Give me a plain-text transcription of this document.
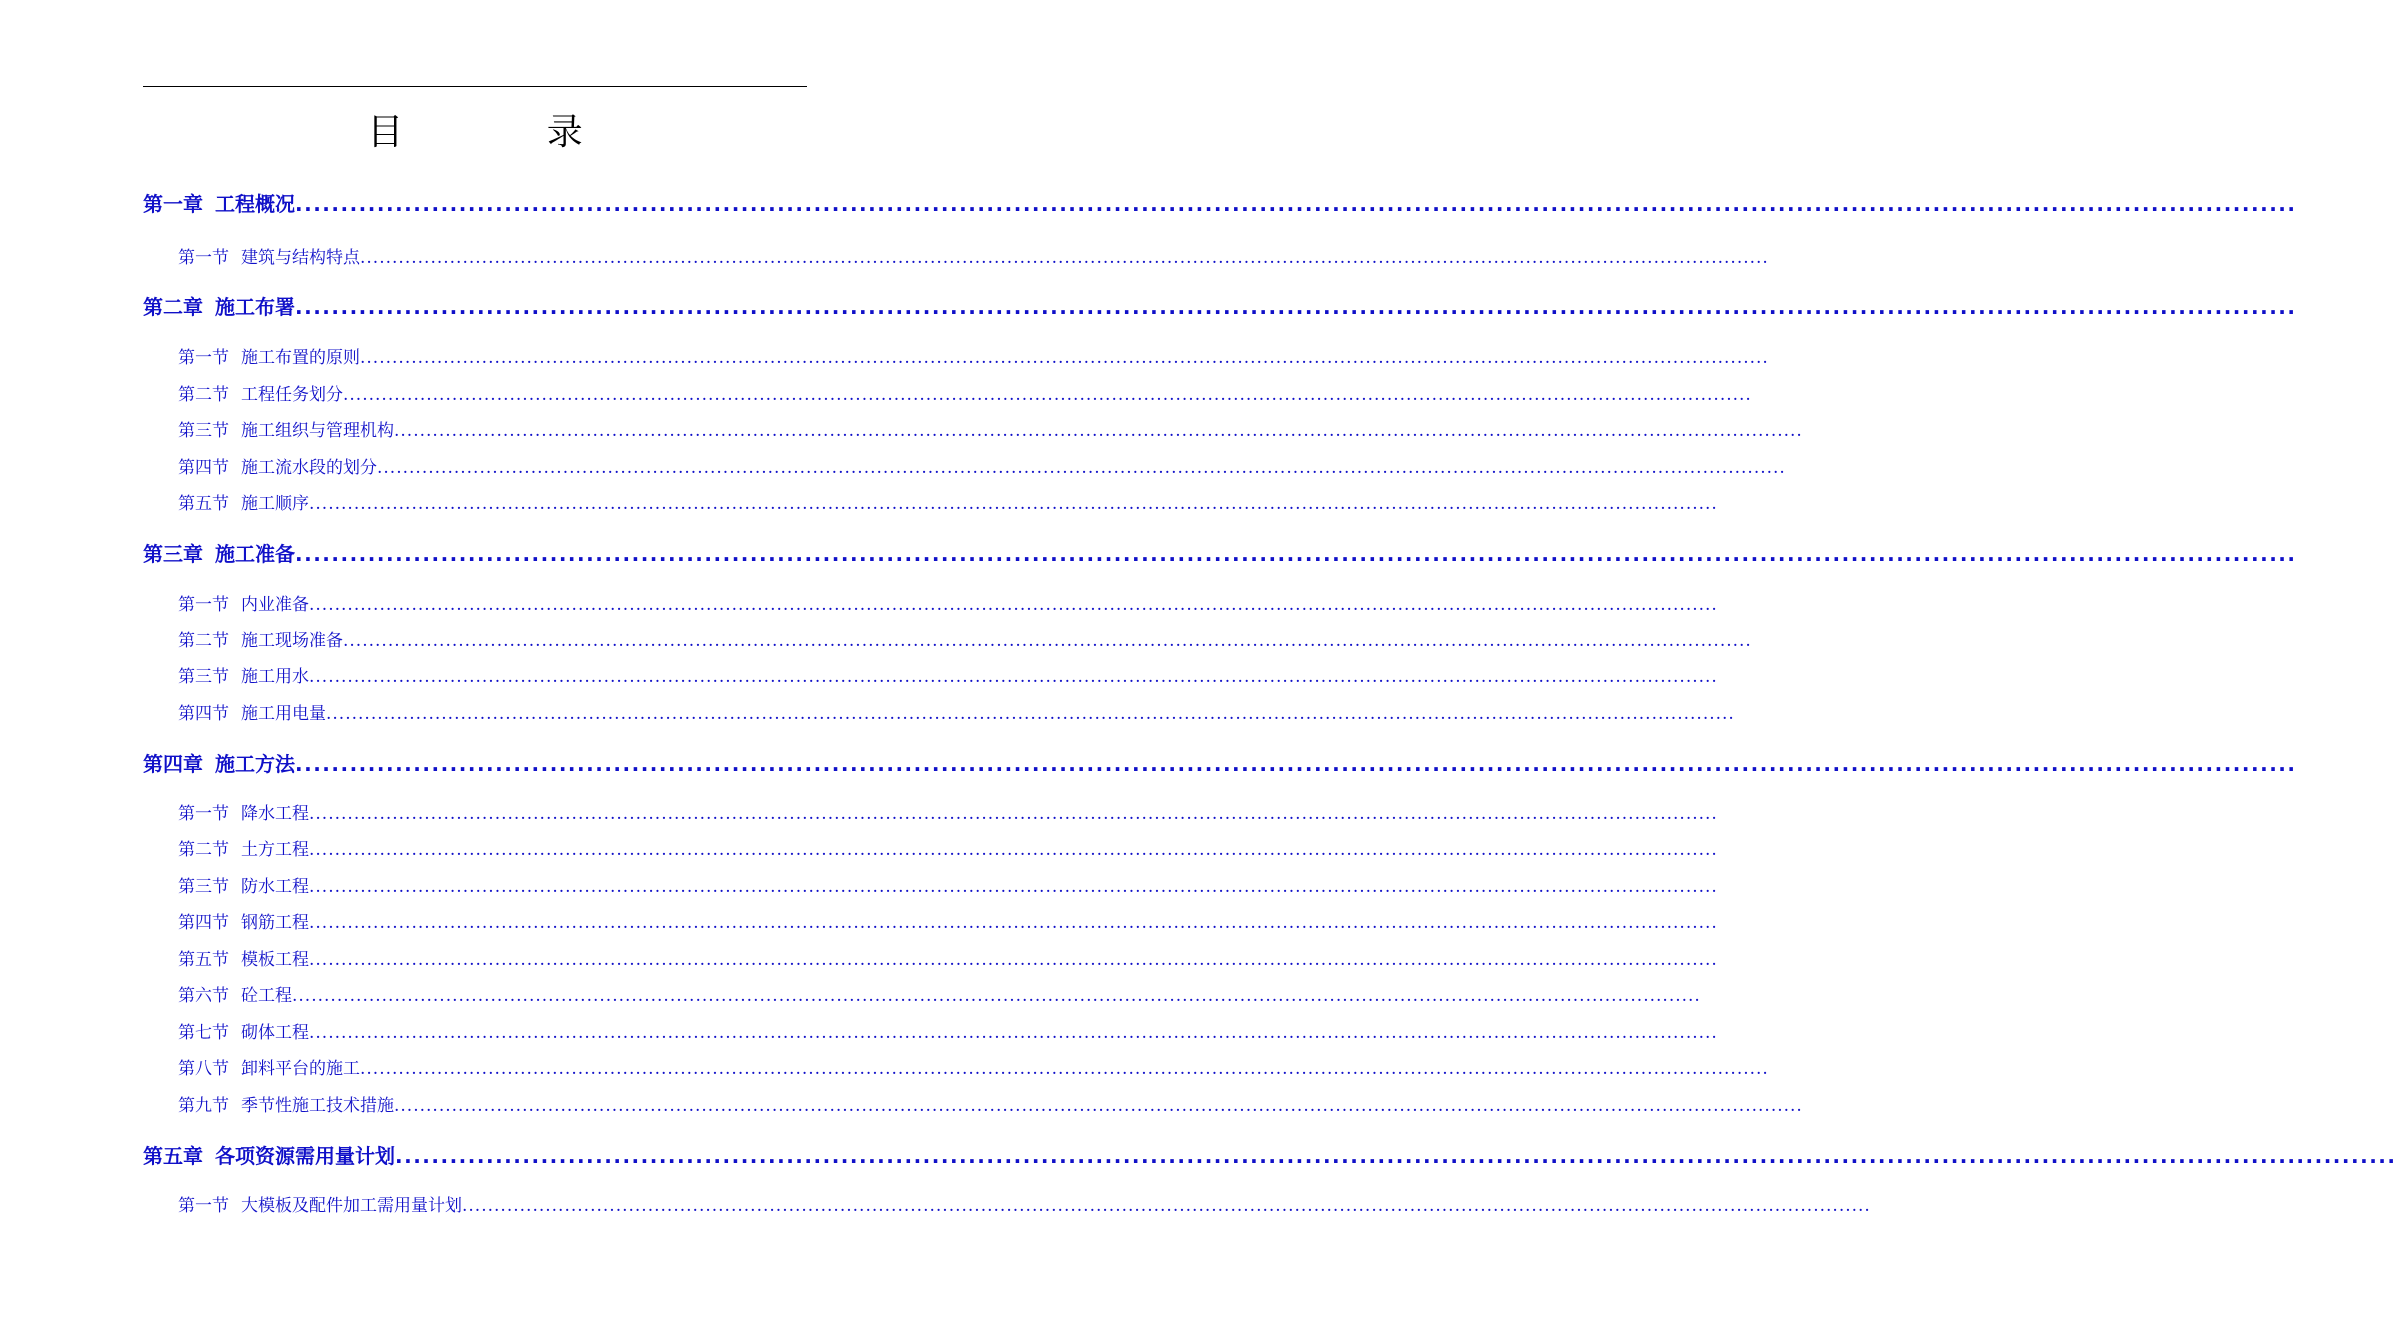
目 录
第一章 工程概况 ............................................................................................................................................................................................................................
第一节 建筑与结构特点 ............................................................................................................................................................................................................................
第二章 施工布署 ............................................................................................................................................................................................................................
第一节 施工布置的原则 ............................................................................................................................................................................................................................
第二节 工程任务划分 ............................................................................................................................................................................................................................
第三节 施工组织与管理机构 ............................................................................................................................................................................................................................
第四节 施工流水段的划分 ............................................................................................................................................................................................................................
第五节 施工顺序 ............................................................................................................................................................................................................................
第三章 施工准备 ............................................................................................................................................................................................................................
第一节 内业准备 ............................................................................................................................................................................................................................
第二节 施工现场准备 ............................................................................................................................................................................................................................
第三节 施工用水 ............................................................................................................................................................................................................................
第四节 施工用电量 ............................................................................................................................................................................................................................
第四章 施工方法 ............................................................................................................................................................................................................................
第一节 降水工程 ............................................................................................................................................................................................................................
第二节 土方工程 ............................................................................................................................................................................................................................
第三节 防水工程 ............................................................................................................................................................................................................................
第四节 钢筋工程 ............................................................................................................................................................................................................................
第五节 模板工程 ............................................................................................................................................................................................................................
第六节 砼工程 ............................................................................................................................................................................................................................
第七节 砌体工程 ............................................................................................................................................................................................................................
第八节 卸料平台的施工 ............................................................................................................................................................................................................................
第九节 季节性施工技术措施 ............................................................................................................................................................................................................................
第五章 各项资源需用量计划 ............................................................................................................................................................................................................................
第一节 大模板及配件加工需用量计划 ............................................................................................................................................................................................................................
